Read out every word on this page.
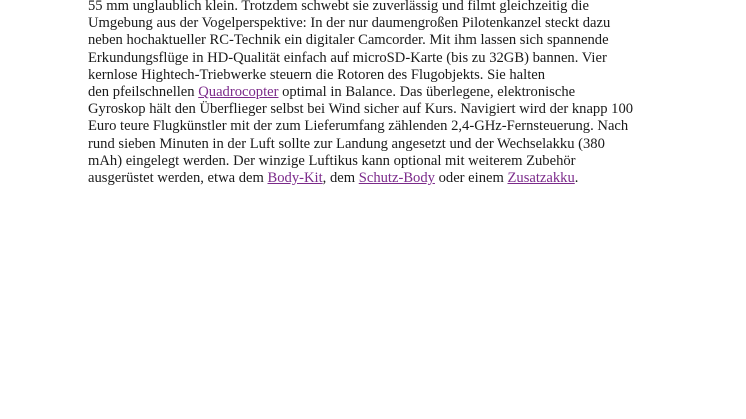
55 mm unglaublich klein. Trotzdem schwebt sie zuverlässig und filmt gleichzeitig die
Umgebung aus der Vogelperspektive: In der nur daumengroßen Pilotenkanzel steckt dazu
neben hochaktueller RC-Technik ein digitaler Camcorder. Mit ihm lassen sich spannende
Erkundungsflüge in HD-Qualität einfach auf microSD-Karte (bis zu 32GB) bannen. Vier
kernlose Hightech-Triebwerke steuern die Rotoren des Flugobjekts. Sie halten
den pfeilschnellen Quadrocopter optimal in Balance. Das überlegene, elektronische
Gyroskop hält den Überflieger selbst bei Wind sicher auf Kurs. Navigiert wird der knapp 100
Euro teure Flugkünstler mit der zum Lieferumfang zählenden 2,4-GHz-Fernsteuerung. Nach
rund sieben Minuten in der Luft sollte zur Landung angesetzt und der Wechselakku (380
mAh) eingelegt werden. Der winzige Luftikus kann optional mit weiterem Zubehör
ausgerüstet werden, etwa dem Body-Kit, dem Schutz-Body oder einem Zusatzakku.
